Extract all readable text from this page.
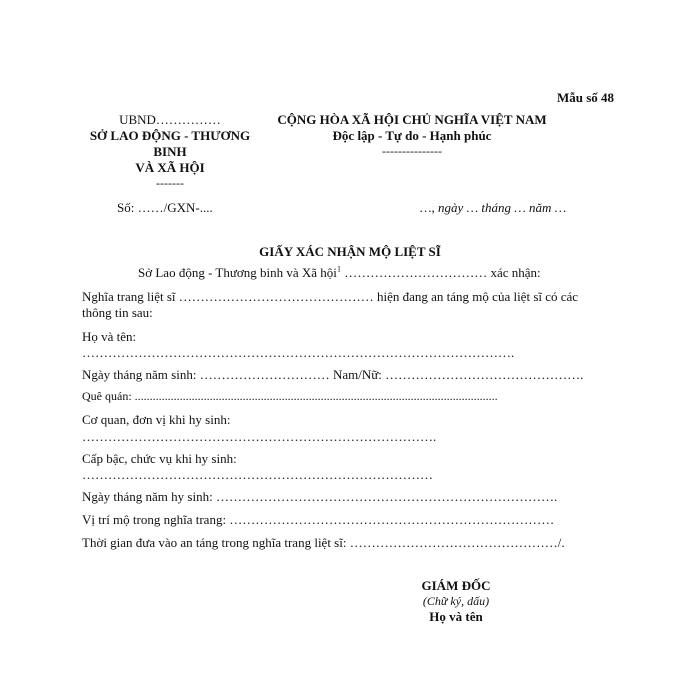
Mẫu số 48
UBND……………
SỞ LAO ĐỘNG - THƯƠNG
BINH
VÀ XÃ HỘI
-------
Số: ……/GXN-....
CỘNG HÒA XÃ HỘI CHỦ NGHĨA VIỆT NAM
Độc lập - Tự do - Hạnh phúc
---------------
…, ngày … tháng … năm …
GIẤY XÁC NHẬN MỘ LIỆT SĨ
Sở Lao động - Thương binh và Xã hội$^1$ …………………………… xác nhận:
Nghĩa trang liệt sĩ ……………………………………… hiện đang an táng mộ của liệt sĩ có các
thông tin sau:
Họ và tên:
……………………………………………………………………………………….
Ngày tháng năm sinh: ………………………… Nam/Nữ: ……………………………………….
Quê quán: .........................................................................................................................
Cơ quan, đơn vị khi hy sinh:
……………………………………………………………………….
Cấp bậc, chức vụ khi hy sinh:
………………………………………………………………………
Ngày tháng năm hy sinh: …………………………………………………………………….
Vị trí mộ trong nghĩa trang: …………………………………………………………………
Thời gian đưa vào an táng trong nghĩa trang liệt sĩ: …………………………………………/.
GIÁM ĐỐC
(Chữ ký, dấu)
Họ và tên
